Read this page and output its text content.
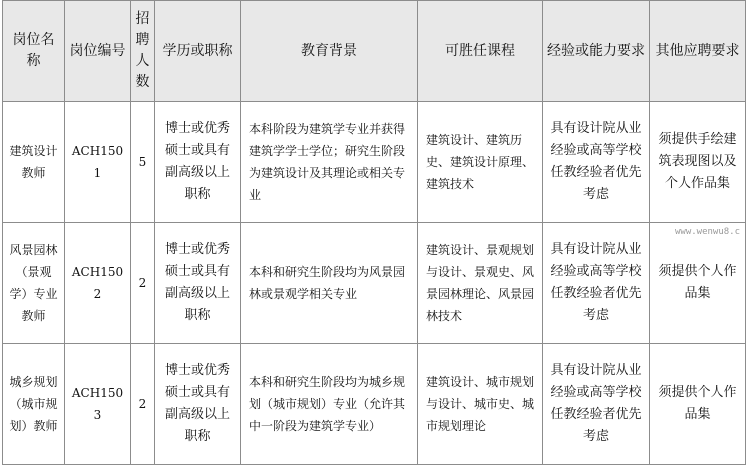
岗位名称	岗位编号	招聘人数	学历或职称	教育背景	可胜任课程	经验或能力要求	其他应聘要求
建筑设计教师	ACH1501	5	博士或优秀硕士或具有副高级以上职称	本科阶段为建筑学专业并获得建筑学学士学位；研究生阶段为建筑设计及其理论或相关专业	建筑设计、建筑历史、建筑设计原理、建筑技术	具有设计院从业经验或高等学校任教经验者优先考虑	须提供手绘建筑表现图以及个人作品集
风景园林（景观学）专业教师	ACH1502	2	博士或优秀硕士或具有副高级以上职称	本科和研究生阶段均为风景园林或景观学相关专业	建筑设计、景观规划与设计、景观史、风景园林理论、风景园林技术	具有设计院从业经验或高等学校任教经验者优先考虑	须提供个人作品集
城乡规划（城市规划）教师	ACH1503	2	博士或优秀硕士或具有副高级以上职称	本科和研究生阶段均为城乡规划（城市规划）专业（允许其中一阶段为建筑学专业）	建筑设计、城市规划与设计、城市史、城市规划理论	具有设计院从业经验或高等学校任教经验者优先考虑	须提供个人作品集
www.wenwu8.c
